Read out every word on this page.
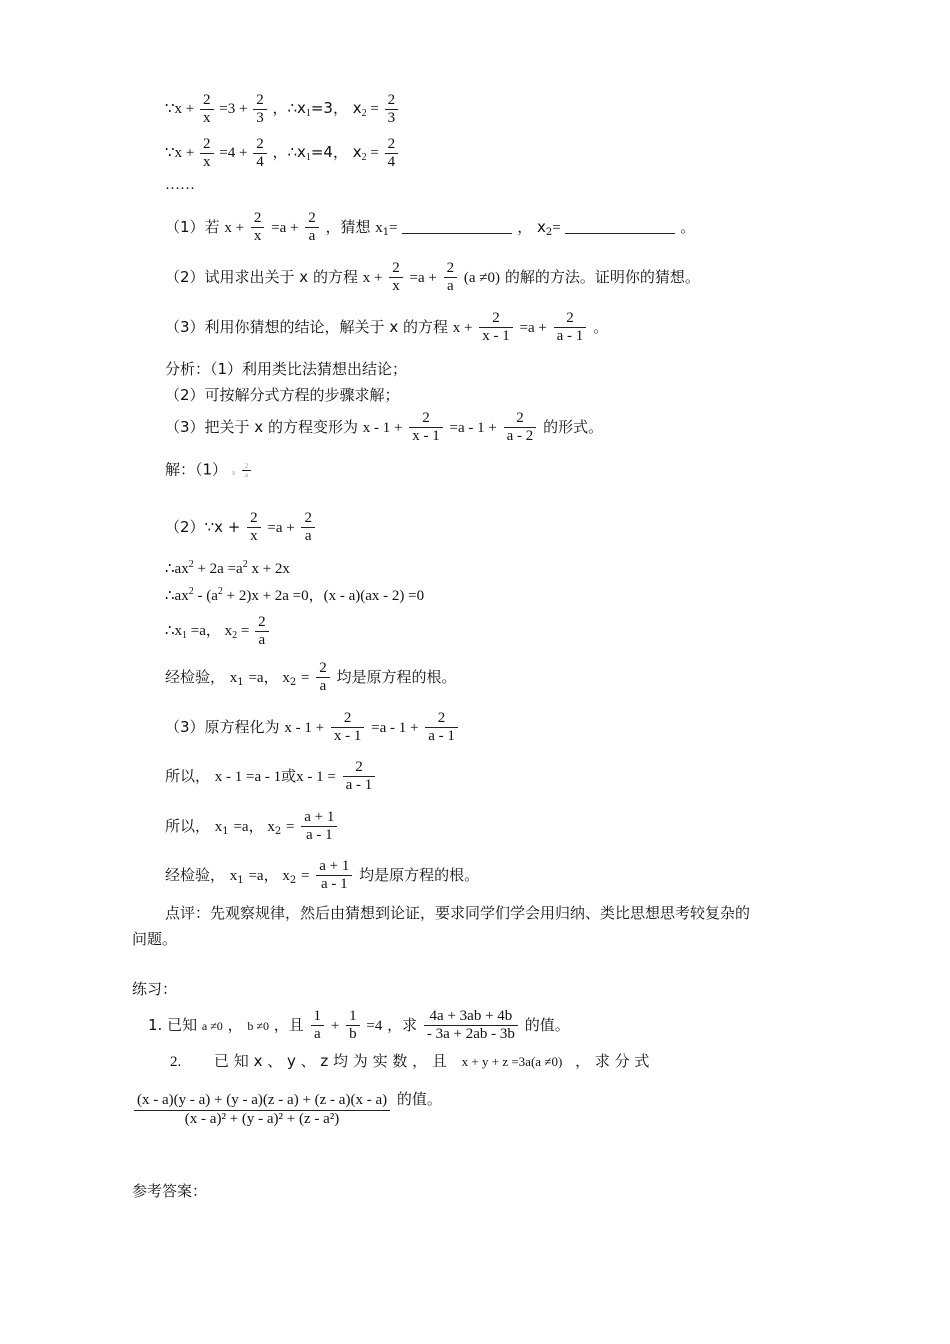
∵x + $\frac{2}{x} =3 + \frac{2}{3}$ ，$\therefore x_1=3$， $x_2 = \frac{2}{3}$
∵x + $\frac{2}{x} =4 + \frac{2}{4}$ ，$\therefore x_1=4$， $x_2 = \frac{2}{4}$
……
（1）若 $x + \frac{2}{x} =a + \frac{2}{a}$ ，猜想 $x_1=$	， $x_2=$	。
（2）试用求出关于 x 的方程 $x + \frac{2}{x} =a + \frac{2}{a} (a \ne 0)$ 的解的方法。证明你的猜想。
（3）利用你猜想的结论，解关于 x 的方程 $x + \frac{2}{x - 1} =a + \frac{2}{a - 1}$ 。
分析：（1）利用类比法猜想出结论；
（2）可按解分式方程的步骤求解；
（3）把关于 x 的方程变形为 $x - 1 + \frac{2}{x - 1} =a - 1 + \frac{2}{a - 2}$ 的形式。
解：（1） a $\frac{2}{a}$
（2）∵x + $\frac{2}{x} =a + \frac{2}{a}$
$\therefore ax^2 + 2a =a^2$ x + 2x
$\therefore ax^2 - (a^2 + 2)x + 2a =0$，(x - a)(ax - 2) =0
$\therefore x_1 =a$， $x_2 = \frac{2}{a}$
经检验， $x_1 =a$， $x_2 = \frac{2}{a}$ 均是原方程的根。
（3）原方程化为 $x - 1 + \frac{2}{x - 1} =a - 1 + \frac{2}{a - 1}$
所以， x - 1 =a - 1或$x - 1 = \frac{2}{a - 1}$
所以， $x_1 =a$， $x_2 = \frac{a + 1}{a - 1}$
经检验， $x_1 =a$， $x_2 = \frac{a + 1}{a - 1}$ 均是原方程的根。
点评：先观察规律，然后由猜想到论证，要求同学们学会用归纳、类比思想思考较复杂的
问题。
练习：
1. 已知 a ≠0 ， b ≠0 ，且 $\frac{1}{a} + \frac{1}{b} =4$ ，求 $\frac{4a + 3ab + 4b}{- 3a + 2ab - 3b}$ 的值。
2. 已 知 x 、 y 、 z 均 为 实 数 ， 且 x + y + z =3a(a ≠0) ， 求 分 式
$\frac{(x - a)(y - a) + (y - a)(z - a) + (z - a)(x - a)}{\text{(x - a)² + (y - a)² + (z - a²)}}$ 的值。
参考答案：
